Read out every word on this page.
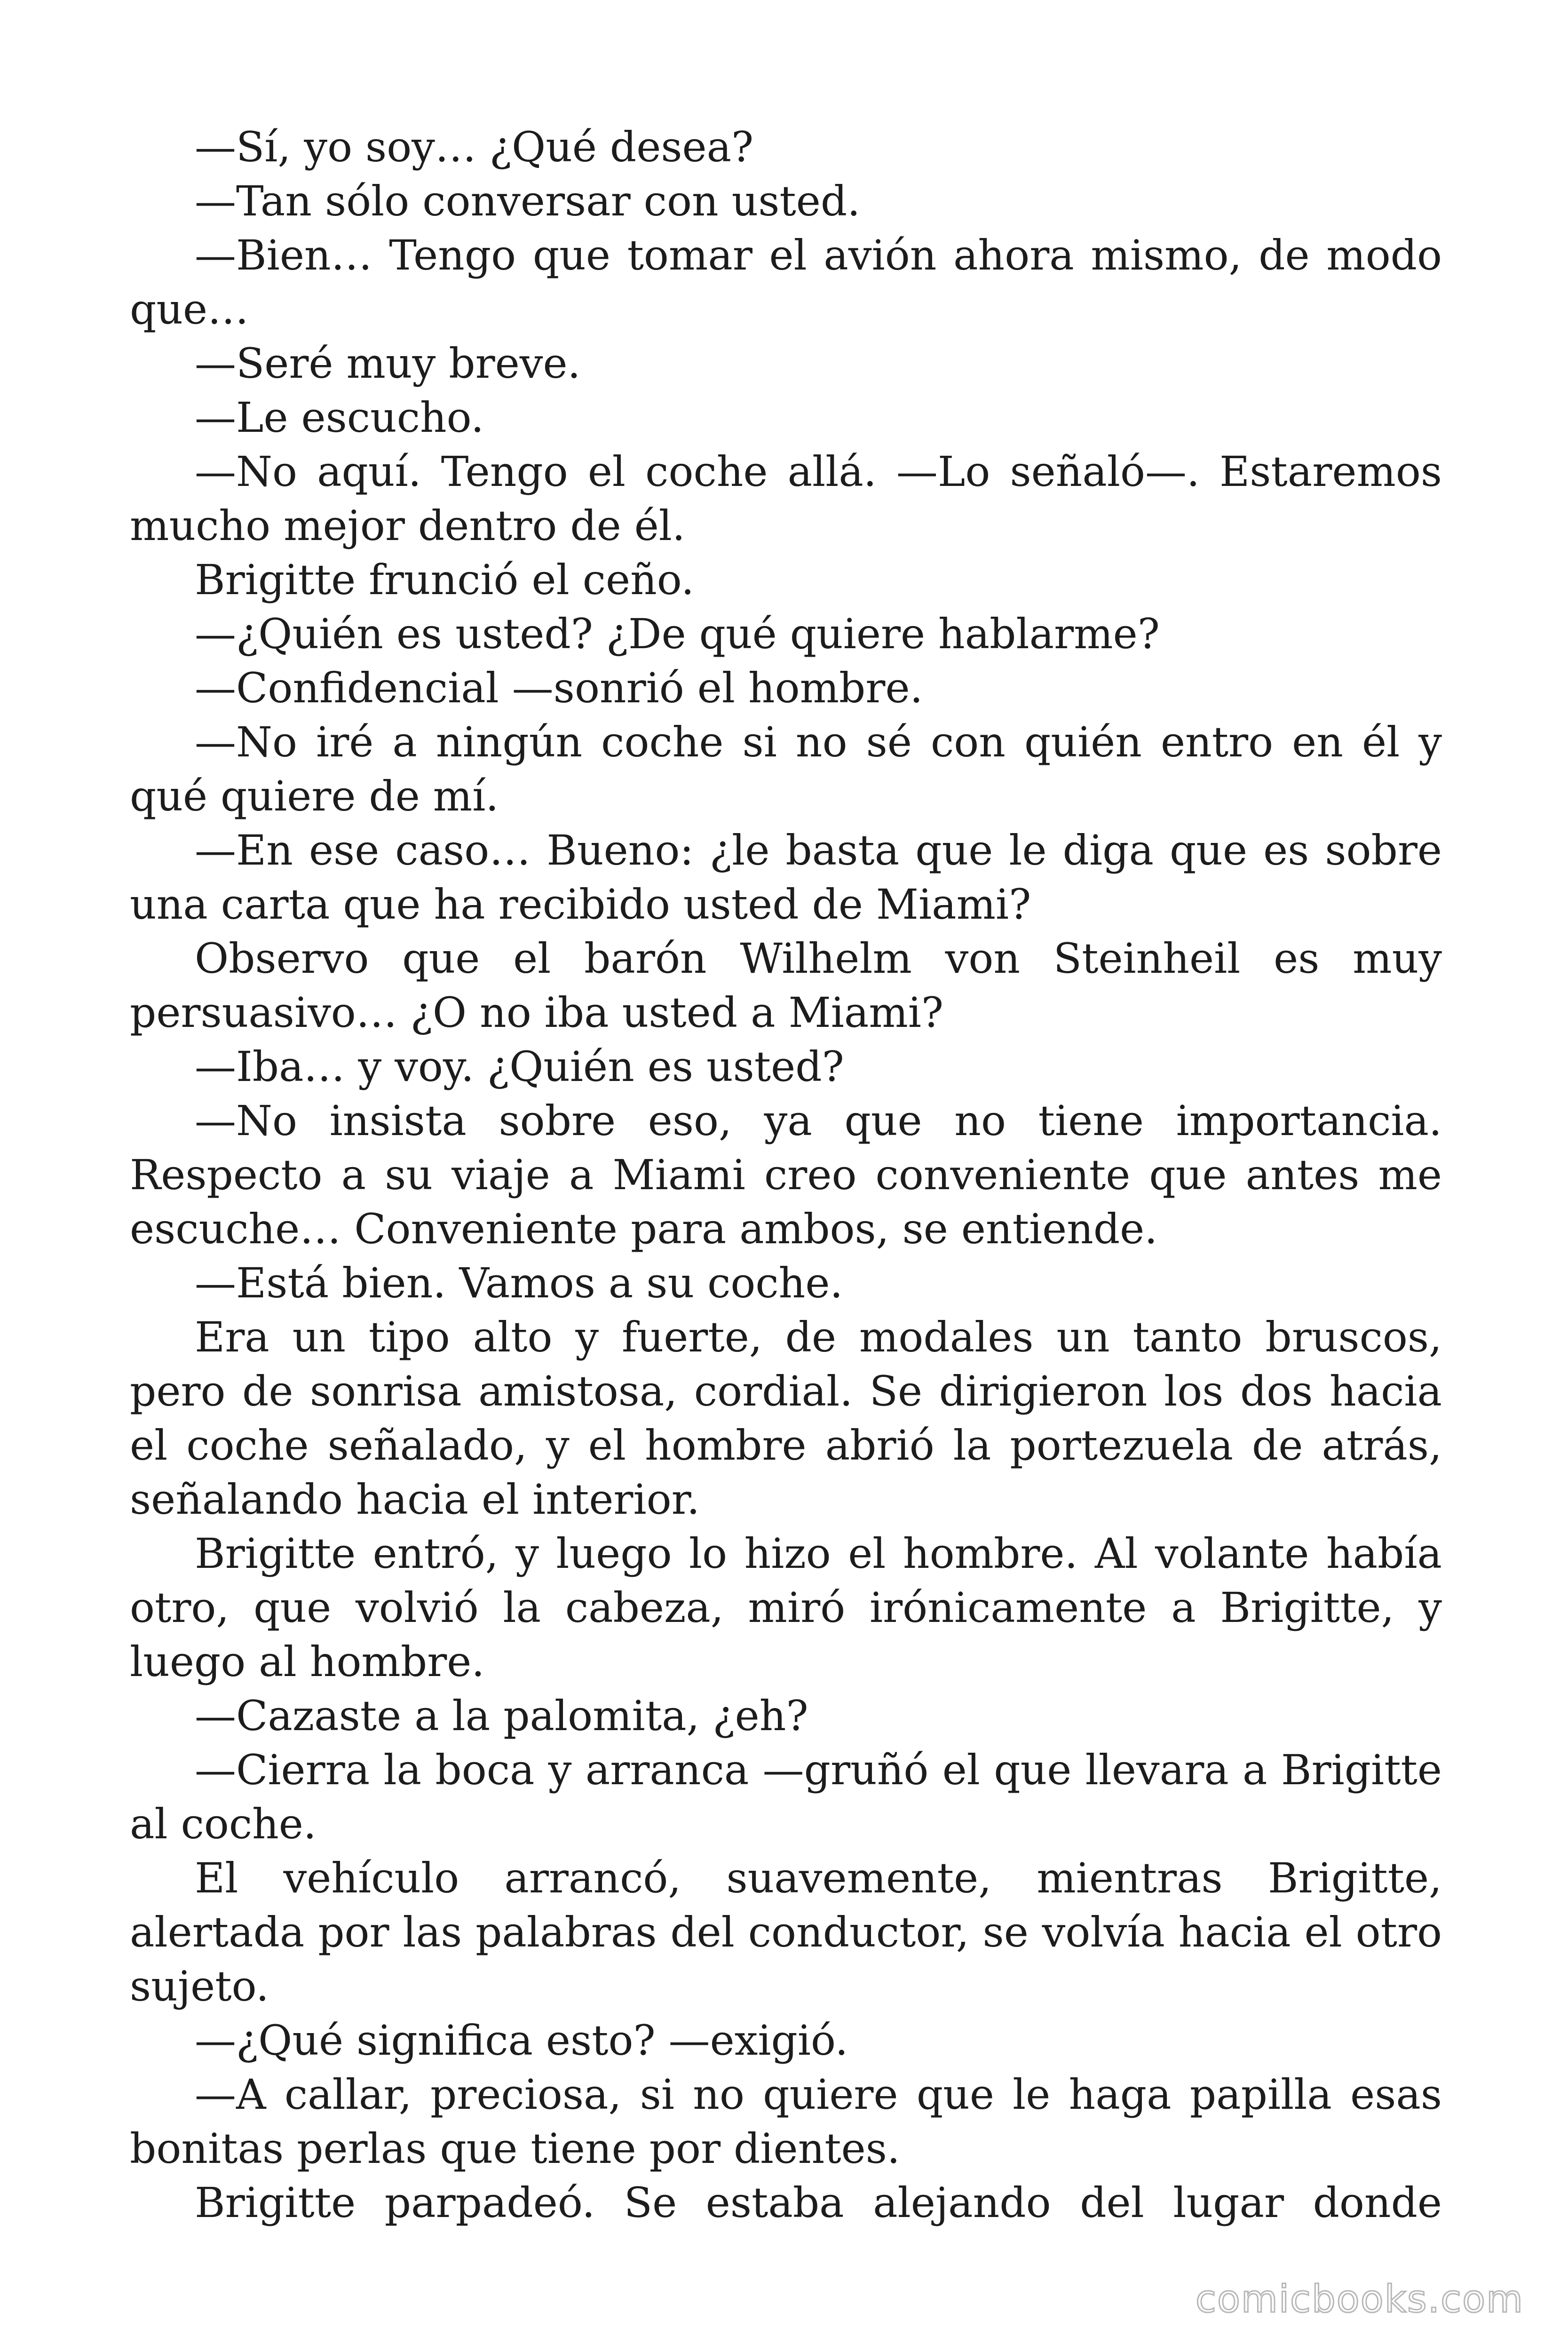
—Sí, yo soy… ¿Qué desea?

—Tan sólo conversar con usted.

—Bien… Tengo que tomar el avión ahora mismo, de modo que…

—Seré muy breve.

—Le escucho.

—No aquí. Tengo el coche allá. —Lo señaló—. Estaremos mucho mejor dentro de él.

Brigitte frunció el ceño.

—¿Quién es usted? ¿De qué quiere hablarme?

—Confidencial —sonrió el hombre.

—No iré a ningún coche si no sé con quién entro en él y qué quiere de mí.

—En ese caso… Bueno: ¿le basta que le diga que es sobre una carta que ha recibido usted de Miami?

Observo que el barón Wilhelm von Steinheil es muy persuasivo… ¿O no iba usted a Miami?

—Iba… y voy. ¿Quién es usted?

—No insista sobre eso, ya que no tiene importancia. Respecto a su viaje a Miami creo conveniente que antes me escuche… Conveniente para ambos, se entiende.

—Está bien. Vamos a su coche.

Era un tipo alto y fuerte, de modales un tanto bruscos, pero de sonrisa amistosa, cordial. Se dirigieron los dos hacia el coche señalado, y el hombre abrió la portezuela de atrás, señalando hacia el interior.

Brigitte entró, y luego lo hizo el hombre. Al volante había otro, que volvió la cabeza, miró irónicamente a Brigitte, y luego al hombre.

—Cazaste a la palomita, ¿eh?

—Cierra la boca y arranca —gruñó el que llevara a Brigitte al coche.

El vehículo arrancó, suavemente, mientras Brigitte, alertada por las palabras del conductor, se volvía hacia el otro sujeto.

—¿Qué significa esto? —exigió.

—A callar, preciosa, si no quiere que le haga papilla esas bonitas perlas que tiene por dientes.

Brigitte parpadeó. Se estaba alejando del lugar donde

comicbooks.com
